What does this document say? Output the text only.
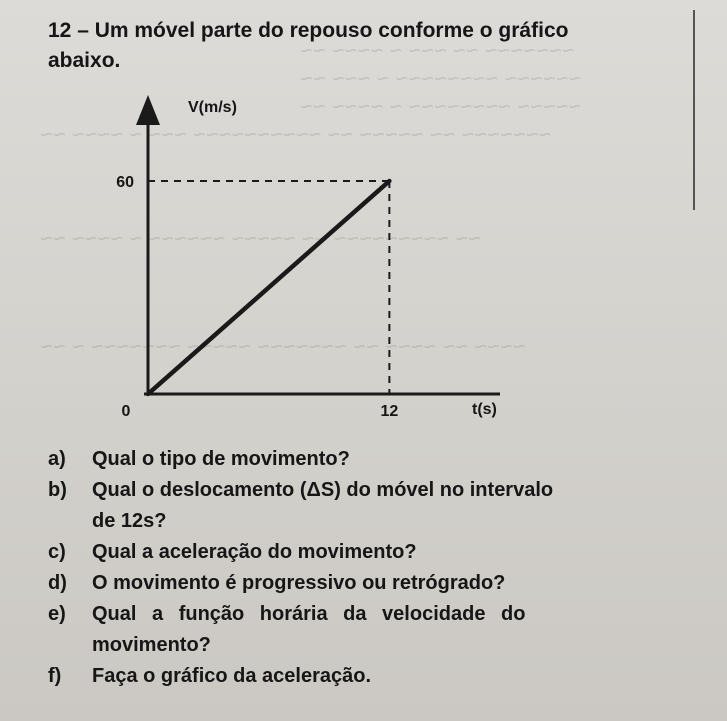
~~~~~~~ ~~ ~~~ ~ ~~~~ ~~
~~~~~~ ~~~~~~~~ ~ ~~~ ~~
~~~~~ ~~~~~~~~ ~ ~~~~ ~~
~~~~~~~ ~~ ~~~~~ ~~ ~~~~~~~~~~ ~~~ ~ ~~~~ ~~
~~ ~~~~~~~~~ ~~ ~~~~~ ~~~~~~ ~ ~~~~ ~~
~~~~ ~~ ~~~~ ~~ ~~~~~~~ ~~~~~ ~~~~~~~ ~ ~~
12 – Um móvel parte do repouso conforme o gráfico
abaixo.
V(m/s)
t(s)
60
0	12
a) Qual o tipo de movimento?
b) Qual o deslocamento (ΔS) do móvel no intervalo
de 12s?
c) Qual a aceleração do movimento?
d) O movimento é progressivo ou retrógrado?
e) Qual a função horária da velocidade do
movimento?
f) Faça o gráfico da aceleração.
